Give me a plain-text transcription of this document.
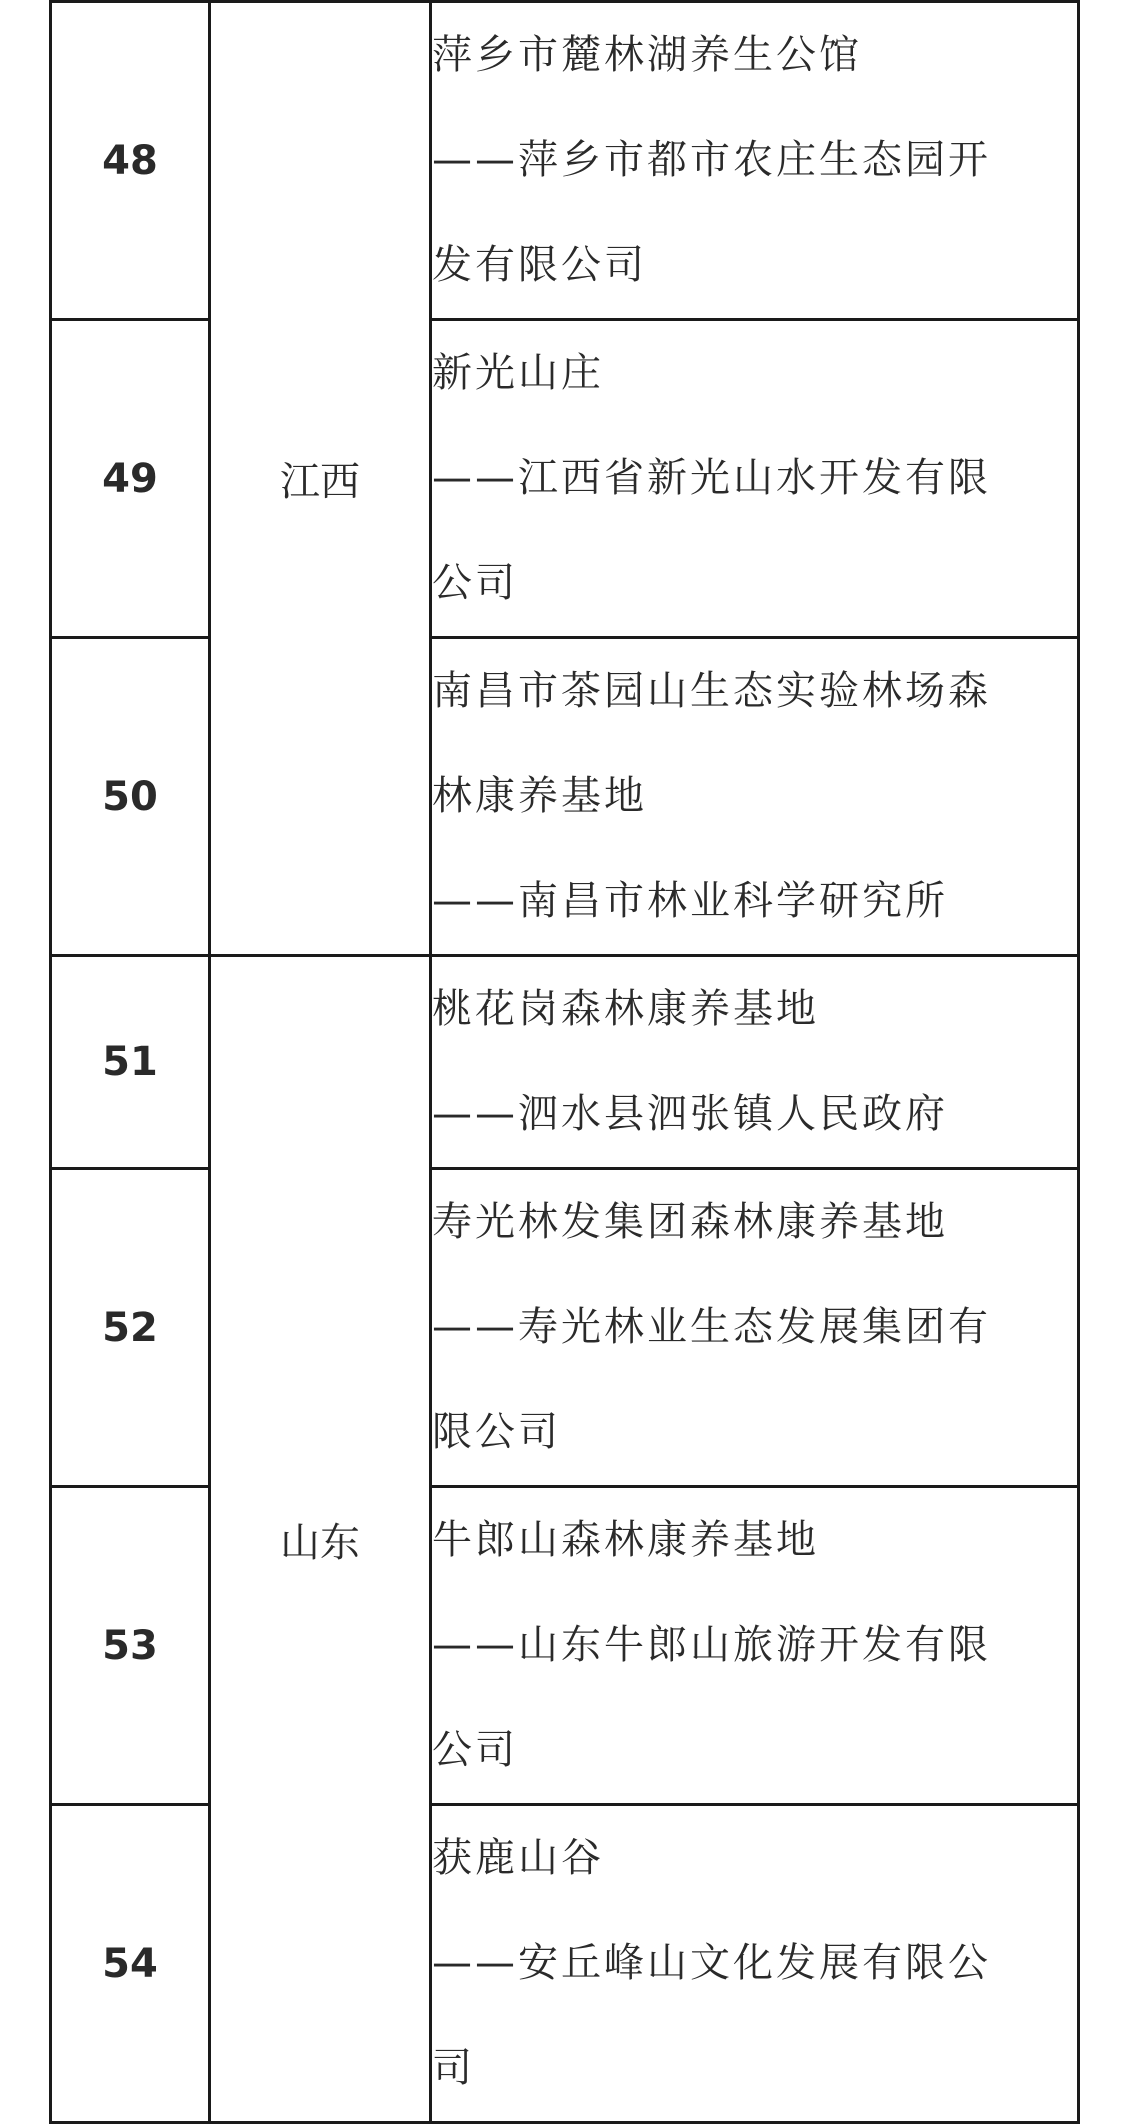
48	江西	萍乡市麓林湖养生公馆
——萍乡市都市农庄生态园开
发有限公司

49		新光山庄
——江西省新光山水开发有限
公司

50		南昌市茶园山生态实验林场森
林康养基地
——南昌市林业科学研究所

51	山东	桃花岗森林康养基地
——泗水县泗张镇人民政府

52		寿光林发集团森林康养基地
——寿光林业生态发展集团有
限公司

53		牛郎山森林康养基地
——山东牛郎山旅游开发有限
公司

54		获鹿山谷
——安丘峰山文化发展有限公
司
